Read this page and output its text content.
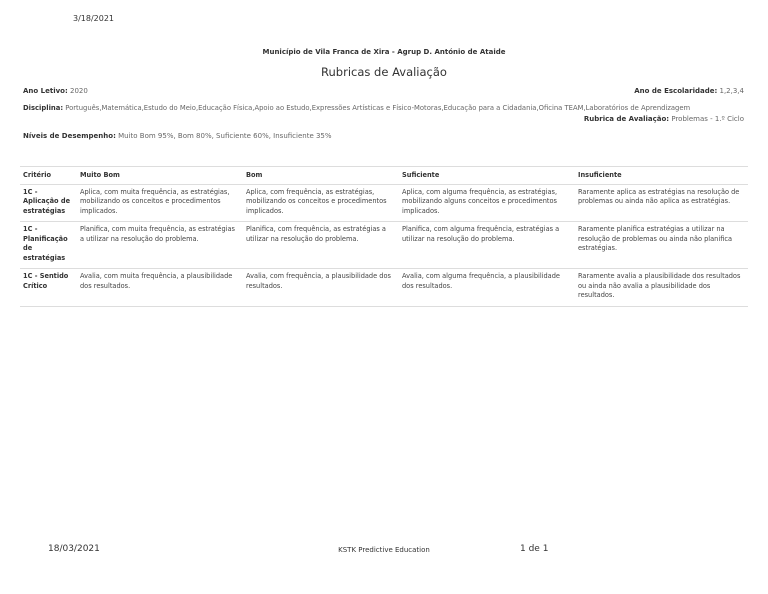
3/18/2021
Município de Vila Franca de Xira - Agrup D. António de Ataide
Rubricas de Avaliação
Ano Letivo: 2020	Ano de Escolaridade: 1,2,3,4
Disciplina: Português,Matemática,Estudo do Meio,Educação Física,Apoio ao Estudo,Expressões Artísticas e Físico-Motoras,Educação para a Cidadania,Oficina TEAM,Laboratórios de Aprendizagem
Rubrica de Avaliação: Problemas - 1.º Ciclo
Níveis de Desempenho: Muito Bom 95%, Bom 80%, Suficiente 60%, Insuficiente 35%
Critério	Muito Bom	Bom	Suficiente	Insuficiente
1C - Aplicação de estratégias	Aplica, com muita frequência, as estratégias, mobilizando os conceitos e procedimentos implicados.	Aplica, com frequência, as estratégias, mobilizando os conceitos e procedimentos implicados.	Aplica, com alguma frequência, as estratégias, mobilizando alguns conceitos e procedimentos implicados.	Raramente aplica as estratégias na resolução de problemas ou ainda não aplica as estratégias.
1C - Planificação de estratégias	Planifica, com muita frequência, as estratégias a utilizar na resolução do problema.	Planifica, com frequência, as estratégias a utilizar na resolução do problema.	Planifica, com alguma frequência, estratégias a utilizar na resolução do problema.	Raramente planifica estratégias a utilizar na resolução de problemas ou ainda não planifica estratégias.
1C - Sentido Crítico	Avalia, com muita frequência, a plausibilidade dos resultados.	Avalia, com frequência, a plausibilidade dos resultados.	Avalia, com alguma frequência, a plausibilidade dos resultados.	Raramente avalia a plausibilidade dos resultados ou ainda não avalia a plausibilidade dos resultados.
18/03/2021	KSTK Predictive Education	1 de 1
